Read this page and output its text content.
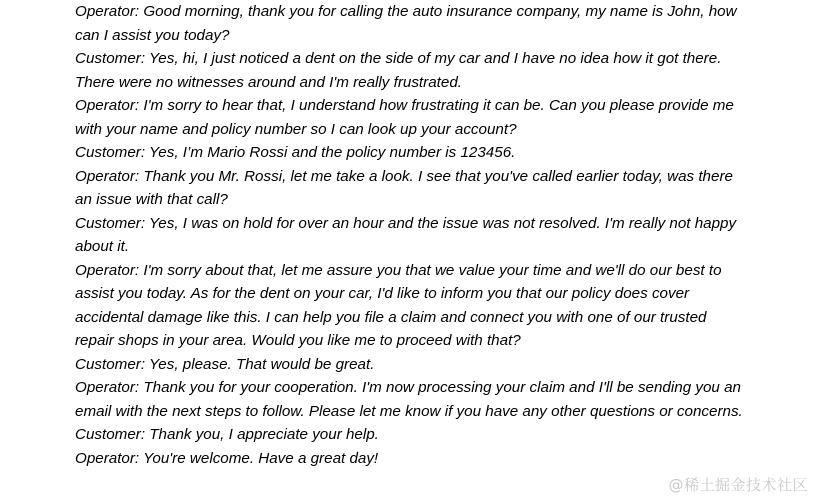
Operator: Good morning, thank you for calling the auto insurance company, my name is John, how can I assist you today?

Customer: Yes, hi, I just noticed a dent on the side of my car and I have no idea how it got there. There were no witnesses around and I'm really frustrated.

Operator: I'm sorry to hear that, I understand how frustrating it can be. Can you please provide me with your name and policy number so I can look up your account?

Customer: Yes, I’m Mario Rossi and the policy number is 123456.

Operator: Thank you Mr. Rossi, let me take a look. I see that you've called earlier today, was there an issue with that call?

Customer: Yes, I was on hold for over an hour and the issue was not resolved. I'm really not happy about it.

Operator: I'm sorry about that, let me assure you that we value your time and we'll do our best to assist you today. As for the dent on your car, I'd like to inform you that our policy does cover accidental damage like this. I can help you file a claim and connect you with one of our trusted repair shops in your area. Would you like me to proceed with that?

Customer: Yes, please. That would be great.

Operator: Thank you for your cooperation. I'm now processing your claim and I'll be sending you an email with the next steps to follow. Please let me know if you have any other questions or concerns.

Customer: Thank you, I appreciate your help.

Operator: You're welcome. Have a great day!

@稀土掘金技术社区
